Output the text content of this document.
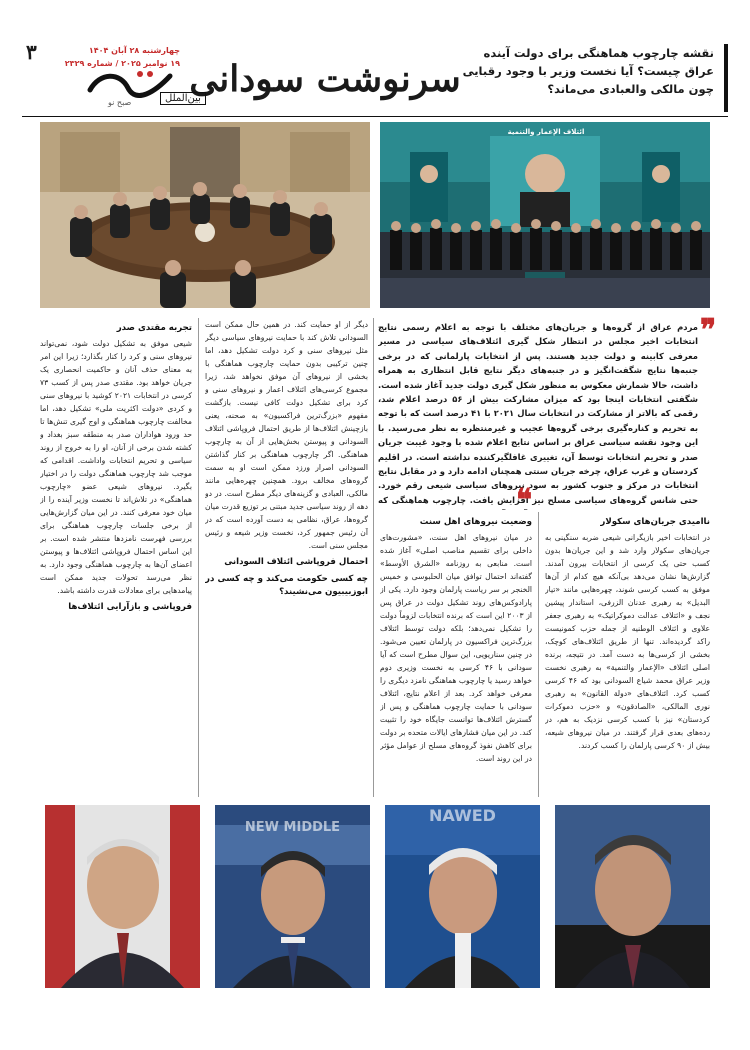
نقشه چارچوب هماهنگی برای دولت آینده عراق چیست؟ آیا نخست وزیر با وجود رقبایی چون مالکی والعبادی می‌ماند؟
سرنوشت سودانی
صبح نو
۳	چهارشنبه ۲۸ آبان ۱۴۰۴
۱۹ نوامبر ۲۰۲۵ / شماره ۲۳۲۹
بین‌الملل
ائتلاف الإعمار والتنمية
❞
مردم عراق از گروه‌ها و جریان‌های مختلف با توجه به اعلام رسمی نتایج انتخابات اخیر مجلس در انتظار شکل گیری ائتلاف‌های سیاسی در مسیر معرفی کابینه و دولت جدید هستند. پس از انتخابات پارلمانی که در برخی جنبه‌ها نتایج شگفت‌انگیز و در جنبه‌های دیگر نتایج قابل انتظاری به همراه داشت، حالا شمارش معکوس به منظور شکل گیری دولت جدید آغاز شده است. شگفتی انتخابات اینجا بود که میزان مشارکت بیش از ۵۶ درصد اعلام شد، رقمی که بالاتر از مشارکت در انتخابات سال ۲۰۲۱ با ۴۱ درصد است که با توجه به تحریم و کناره‌گیری برخی گروه‌ها عجیب و غیرمنتظره به نظر می‌رسید. با این وجود نقشه سیاسی عراق بر اساس نتایج اعلام شده با وجود غیبت جریان صدر و تحریم انتخابات توسط آن، تغییری غافلگیرکننده نداشته است. در اقلیم کردستان و غرب عراق، چرخه جریان سنتی همچنان ادامه دارد و در مقابل نتایج انتخابات در مرکز و جنوب کشور به سود نیروهای سیاسی شیعی رقم خورد. حتی شانس گروه‌های سیاسی مسلح نیز افزایش یافت. چارچوب هماهنگی که	❝
ناامیدی جریان‌های سکولار

در انتخابات اخیر بازیگرانی شیعی ضربه سنگینی به جریان‌های سکولار وارد شد و این جریان‌ها بدون کسب حتی یک کرسی از انتخابات بیرون آمدند. گزارش‌ها نشان می‌دهد بی‌آنکه هیچ کدام از آن‌ها موفق به کسب کرسی شوند، چهره‌هایی مانند «تیار البدیل» به رهبری عدنان الزرفی، استاندار پیشین نجف و «ائتلاف عدالت دموکراتیک» به رهبری جعفر علاوی و ائتلاف الوطنیه از جمله حزب کمونیست راکد گردیده‌اند. تنها از طریق ائتلاف‌های کوچک، بخشی از کرسی‌ها به دست آمد. در نتیجه، برنده اصلی ائتلاف «الإعمار والتنمیة» به رهبری نخست وزیر عراق محمد شیاع السودانی بود که ۴۶ کرسی کسب کرد. ائتلاف‌های «دولة القانون» به رهبری نوری المالکی، «الصادقون» و «حزب دموکرات کردستان» نیز با کسب کرسی نزدیک به هم، در رده‌های بعدی قرار گرفتند. در میان نیروهای شیعه، بیش از ۹۰ کرسی پارلمان را کسب کردند.

وضعیت نیروهای اهل سنت

در میان نیروهای اهل سنت، «مشورت‌های داخلی برای تقسیم مناصب اصلی» آغاز شده است. منابعی به روزنامه «الشرق الأوسط» گفته‌اند احتمال توافق میان الحلبوسی و خمیس الخنجر بر سر ریاست پارلمان وجود دارد. یکی از پارادوکس‌های روند تشکیل دولت در عراق پس از ۲۰۰۳ این است که برنده انتخابات لزوماً دولت را تشکیل نمی‌دهد؛ بلکه دولت توسط ائتلاف بزرگ‌ترین فراکسیون در پارلمان تعیین می‌شود. در چنین سناریویی، این سوال مطرح است که آیا سودانی با ۴۶ کرسی به نخست وزیری دوم خواهد رسید یا چارچوب هماهنگی نامزد دیگری را معرفی خواهد کرد. بعد از اعلام نتایج، ائتلاف سودانی با حمایت چارچوب هماهنگی و پس از گسترش ائتلاف‌ها توانست جایگاه خود را تثبیت کند. در این میان فشارهای ایالات متحده بر دولت برای کاهش نفوذ گروه‌های مسلح از عوامل مؤثر در این روند است.

دیگر از او حمایت کند. در همین حال ممکن است السودانی تلاش کند با حمایت نیروهای سیاسی دیگر مثل نیروهای سنی و کرد دولت تشکیل دهد، اما چنین ترکیبی بدون حمایت چارچوب هماهنگی با بخشی از نیروهای آن موفق نخواهد شد، زیرا مجموع کرسی‌های ائتلاف اعمار و نیروهای سنی و کرد برای تشکیل دولت کافی نیست. بازگشت مفهوم «بزرگ‌ترین فراکسیون» به صحنه، یعنی بازچینش ائتلاف‌ها از طریق احتمال فروپاشی ائتلاف السودانی و پیوستن بخش‌هایی از آن به چارچوب هماهنگی. اگر چارچوب هماهنگی بر کنار گذاشتن السودانی اصرار ورزد ممکن است او به سمت گروه‌های مخالف برود. همچنین چهره‌هایی مانند مالکی، العبادی و گزینه‌های دیگر مطرح است. در دو دهه از روند سیاسی جدید مبتنی بر توزیع قدرت میان گروه‌ها، عراق، نظامی به دست آورده است که در آن رئیس جمهور کرد، نخست وزیر شیعه و رئیس مجلس سنی است.

احتمال فروپاشی ائتلاف السودانی
چه کسی حکومت می‌کند و چه کسی در ابوزبیبیون می‌نشیند؟
تجربه مقتدی صدر

شیعی موفق به تشکیل دولت شود، نمی‌تواند نیروهای سنی و کرد را کنار بگذارد؛ زیرا این امر به معنای حذف آنان و حاکمیت انحصاری یک جریان خواهد بود. مقتدی صدر پس از کسب ۷۳ کرسی در انتخابات ۲۰۲۱ کوشید با نیروهای سنی و کردی «دولت اکثریت ملی» تشکیل دهد، اما مخالفت چارچوب هماهنگی و اوج گیری تنش‌ها تا حد ورود هواداران صدر به منطقه سبز بغداد و کشته شدن برخی از آنان، او را به خروج از روند سیاسی و تحریم انتخابات واداشت. اقدامی که موجب شد چارچوب هماهنگی دولت را در اختیار بگیرد. نیروهای شیعی عضو «چارچوب هماهنگی» در تلاش‌اند تا نخست وزیر آینده را از میان خود معرفی کنند. در این میان گزارش‌هایی از برخی جلسات چارچوب هماهنگی برای بررسی فهرست نامزدها منتشر شده است. بر این اساس احتمال فروپاشی ائتلاف‌ها و پیوستن اعضای آن‌ها به چارچوب هماهنگی وجود دارد. به نظر می‌رسد تحولات جدید ممکن است پیامدهایی برای معادلات قدرت داشته باشد.

فروپاشی و بازآرایی ائتلاف‌ها
NAWED
NEW MIDDLE
